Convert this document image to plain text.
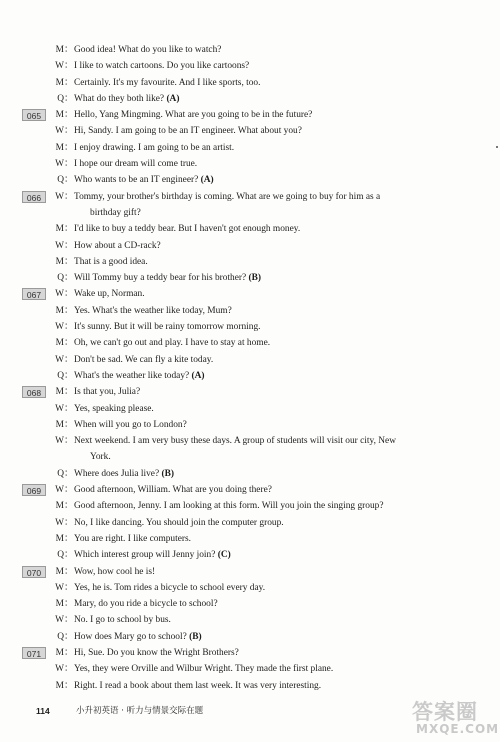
M ： Good idea! What do you like to watch?
W ： I like to watch cartoons. Do you like cartoons?
M ： Certainly. It's my favourite. And I like sports, too.
Q ： What do they both like? (A)
065	M ： Hello, Yang Mingming. What are you going to be in the future?
W ： Hi, Sandy. I am going to be an IT engineer. What about you?
M ： I enjoy drawing. I am going to be an artist.
W ： I hope our dream will come true.
Q ： Who wants to be an IT engineer? (A)
066	W ： Tommy, your brother's birthday is coming. What are we going to buy for him as a
birthday gift?
M ： I'd like to buy a teddy bear. But I haven't got enough money.
W ： How about a CD-rack?
M ： That is a good idea.
Q ： Will Tommy buy a teddy bear for his brother? (B)
067	W ： Wake up, Norman.
M ： Yes. What's the weather like today, Mum?
W ： It's sunny. But it will be rainy tomorrow morning.
M ： Oh, we can't go out and play. I have to stay at home.
W ： Don't be sad. We can fly a kite today.
Q ： What's the weather like today? (A)
068	M ： Is that you, Julia?
W ： Yes, speaking please.
M ： When will you go to London?
W ： Next weekend. I am very busy these days. A group of students will visit our city, New
York.
Q ： Where does Julia live? (B)
069	W ： Good afternoon, William. What are you doing there?
M ： Good afternoon, Jenny. I am looking at this form. Will you join the singing group?
W ： No, I like dancing. You should join the computer group.
M ： You are right. I like computers.
Q ： Which interest group will Jenny join? (C)
070	M ： Wow, how cool he is!
W ： Yes, he is. Tom rides a bicycle to school every day.
M ： Mary, do you ride a bicycle to school?
W ： No. I go to school by bus.
Q ： How does Mary go to school? (B)
071	M ： Hi, Sue. Do you know the Wright Brothers?
W ： Yes, they were Orville and Wilbur Wright. They made the first plane.
M ： Right. I read a book about them last week. It was very interesting.
114	小升初英语 · 听力与情景交际在题	答案圈
MXQE.COM
